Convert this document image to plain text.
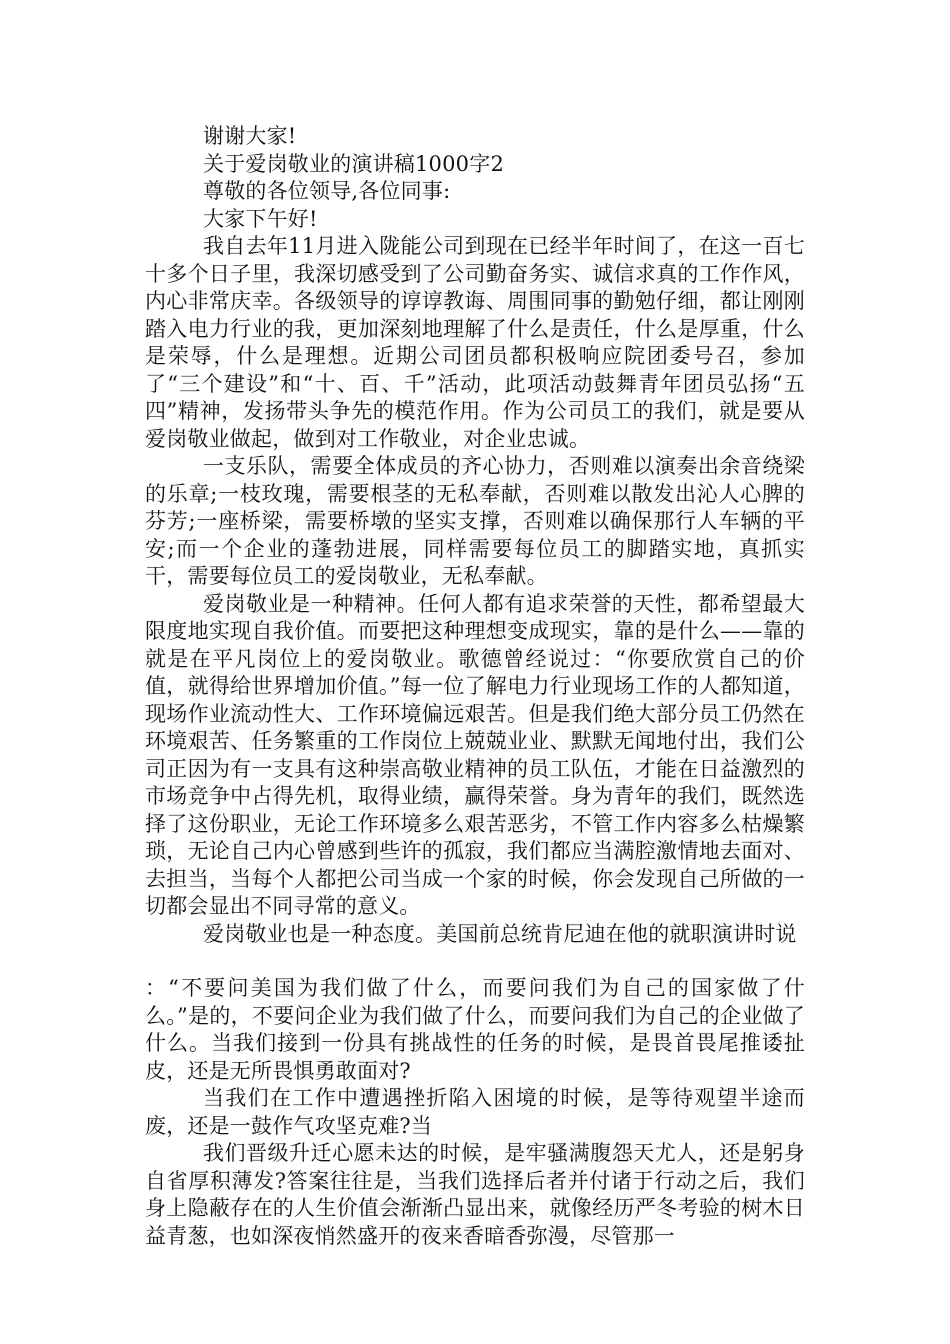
谢谢大家!

关于爱岗敬业的演讲稿1000字2

尊敬的各位领导,各位同事:

大家下午好!

我自去年11月进入陇能公司到现在已经半年时间了，在这一百七十多个日子里，我深切感受到了公司勤奋务实、诚信求真的工作作风，内心非常庆幸。各级领导的谆谆教诲、周围同事的勤勉仔细，都让刚刚踏入电力行业的我，更加深刻地理解了什么是责任，什么是厚重，什么是荣辱，什么是理想。近期公司团员都积极响应院团委号召，参加了“三个建设”和“十、百、千”活动，此项活动鼓舞青年团员弘扬“五四”精神，发扬带头争先的模范作用。作为公司员工的我们，就是要从爱岗敬业做起，做到对工作敬业，对企业忠诚。

一支乐队，需要全体成员的齐心协力，否则难以演奏出余音绕梁的乐章;一枝玫瑰，需要根茎的无私奉献，否则难以散发出沁人心脾的芬芳;一座桥梁，需要桥墩的坚实支撑，否则难以确保那行人车辆的平安;而一个企业的蓬勃进展，同样需要每位员工的脚踏实地，真抓实干，需要每位员工的爱岗敬业，无私奉献。

爱岗敬业是一种精神。任何人都有追求荣誉的天性，都希望最大限度地实现自我价值。而要把这种理想变成现实，靠的是什么——靠的就是在平凡岗位上的爱岗敬业。歌德曾经说过：“你要欣赏自己的价值，就得给世界增加价值。”每一位了解电力行业现场工作的人都知道，现场作业流动性大、工作环境偏远艰苦。但是我们绝大部分员工仍然在环境艰苦、任务繁重的工作岗位上兢兢业业、默默无闻地付出，我们公司正因为有一支具有这种崇高敬业精神的员工队伍，才能在日益激烈的市场竞争中占得先机，取得业绩，赢得荣誉。身为青年的我们，既然选择了这份职业，无论工作环境多么艰苦恶劣，不管工作内容多么枯燥繁琐，无论自己内心曾感到些许的孤寂，我们都应当满腔激情地去面对、去担当，当每个人都把公司当成一个家的时候，你会发现自己所做的一切都会显出不同寻常的意义。

爱岗敬业也是一种态度。美国前总统肯尼迪在他的就职演讲时说

：“不要问美国为我们做了什么，而要问我们为自己的国家做了什么。”是的，不要问企业为我们做了什么，而要问我们为自己的企业做了什么。当我们接到一份具有挑战性的任务的时候，是畏首畏尾推诿扯皮，还是无所畏惧勇敢面对?

当我们在工作中遭遇挫折陷入困境的时候，是等待观望半途而废，还是一鼓作气攻坚克难?当

我们晋级升迁心愿未达的时候，是牢骚满腹怨天尤人，还是躬身自省厚积薄发?答案往往是，当我们选择后者并付诸于行动之后，我们身上隐蔽存在的人生价值会渐渐凸显出来，就像经历严冬考验的树木日益青葱，也如深夜悄然盛开的夜来香暗香弥漫，尽管那一
